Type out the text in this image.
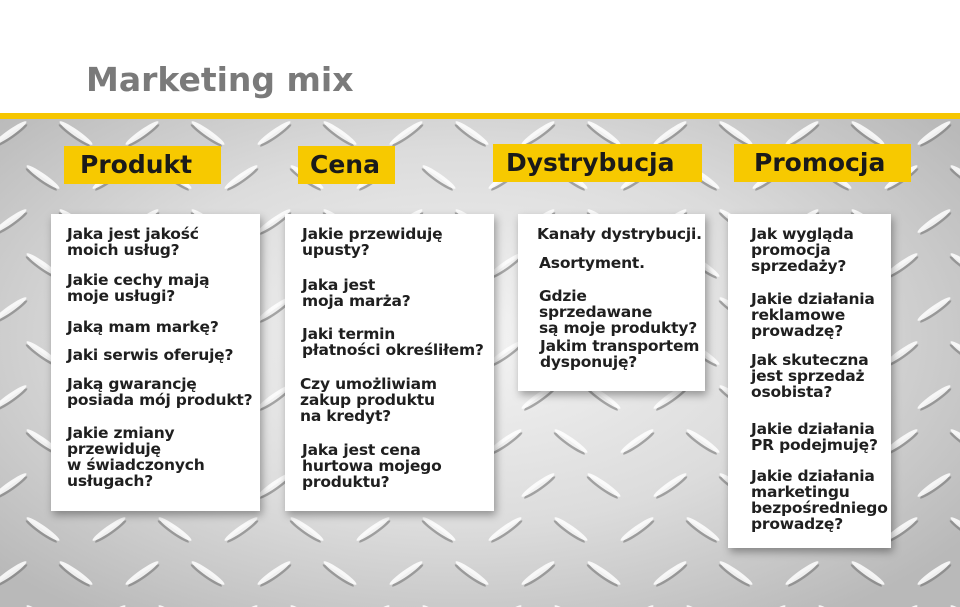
Marketing mix
Produkt	Cena	Dystrybucja	Promocja
Jaka jest jakość
moich usług?
Jakie cechy mają
moje usługi?
Jaką mam markę?
Jaki serwis oferuję?
Jaką gwarancję
posiada mój produkt?
Jakie zmiany
przewiduję
w świadczonych
usługach?
Jakie przewiduję
upusty?
Jaka jest
moja marża?
Jaki termin
płatności określiłem?
Czy umożliwiam
zakup produktu
na kredyt?
Jaka jest cena
hurtowa mojego
produktu?
Kanały dystrybucji.
Asortyment.
Gdzie sprzedawane
są moje produkty?
Jakim transportem
dysponuję?
Jak wygląda
promocja
sprzedaży?
Jakie działania
reklamowe
prowadzę?
Jak skuteczna
jest sprzedaż
osobista?
Jakie działania
PR podejmuję?
Jakie działania
marketingu
bezpośredniego
prowadzę?
